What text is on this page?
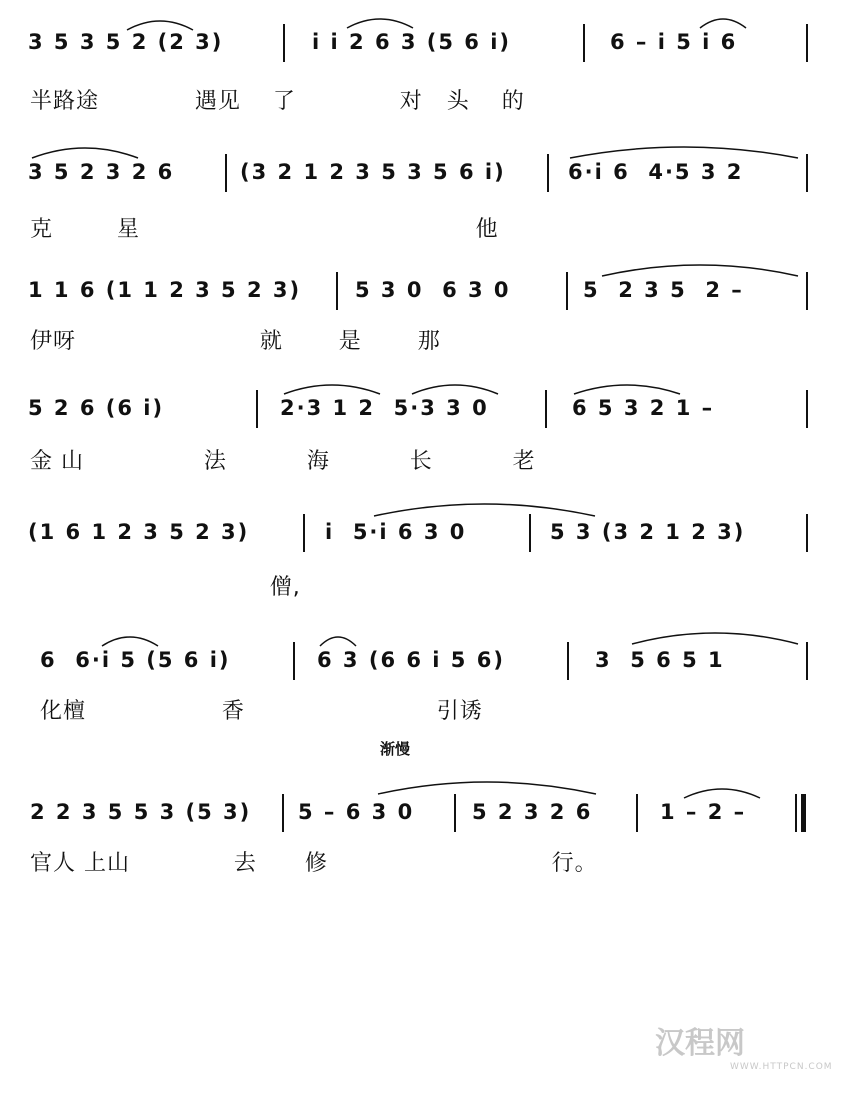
3 5 3 5 2 (2 3)	i i 2 6 3 (5 6 i)	6 – i 5 i 6
半路途            遇见    了             对   头    的
3 5 2 3 2 6	(3 2 1 2 3 5 3 5 6 i)	6·i 6  4·5 3 2
克        星                                          他
1 1 6 (1 1 2 3 5 2 3)	5 3 0  6 3 0	5  2 3 5  2 –
伊呀                       就       是       那
5 2 6 (6 i)	2·3 1 2  5·3 3 0	6 5 3 2 1 –
金 山               法          海          长          老
(1 6 1 2 3 5 2 3)	i  5·i 6 3 0	5 3 (3 2 1 2 3)
僧,
6  6·i 5 (5 6 i)	6 3 (6 6 i 5 6)	3  5 6 5 1
化檀                 香                        引诱
渐慢
2 2 3 5 5 3 (5 3) 5 – 6 3 0	5 2 3 2 6	1 – 2 –
官人 上山             去      修                            行。
汉程网
WWW.HTTPCN.COM
